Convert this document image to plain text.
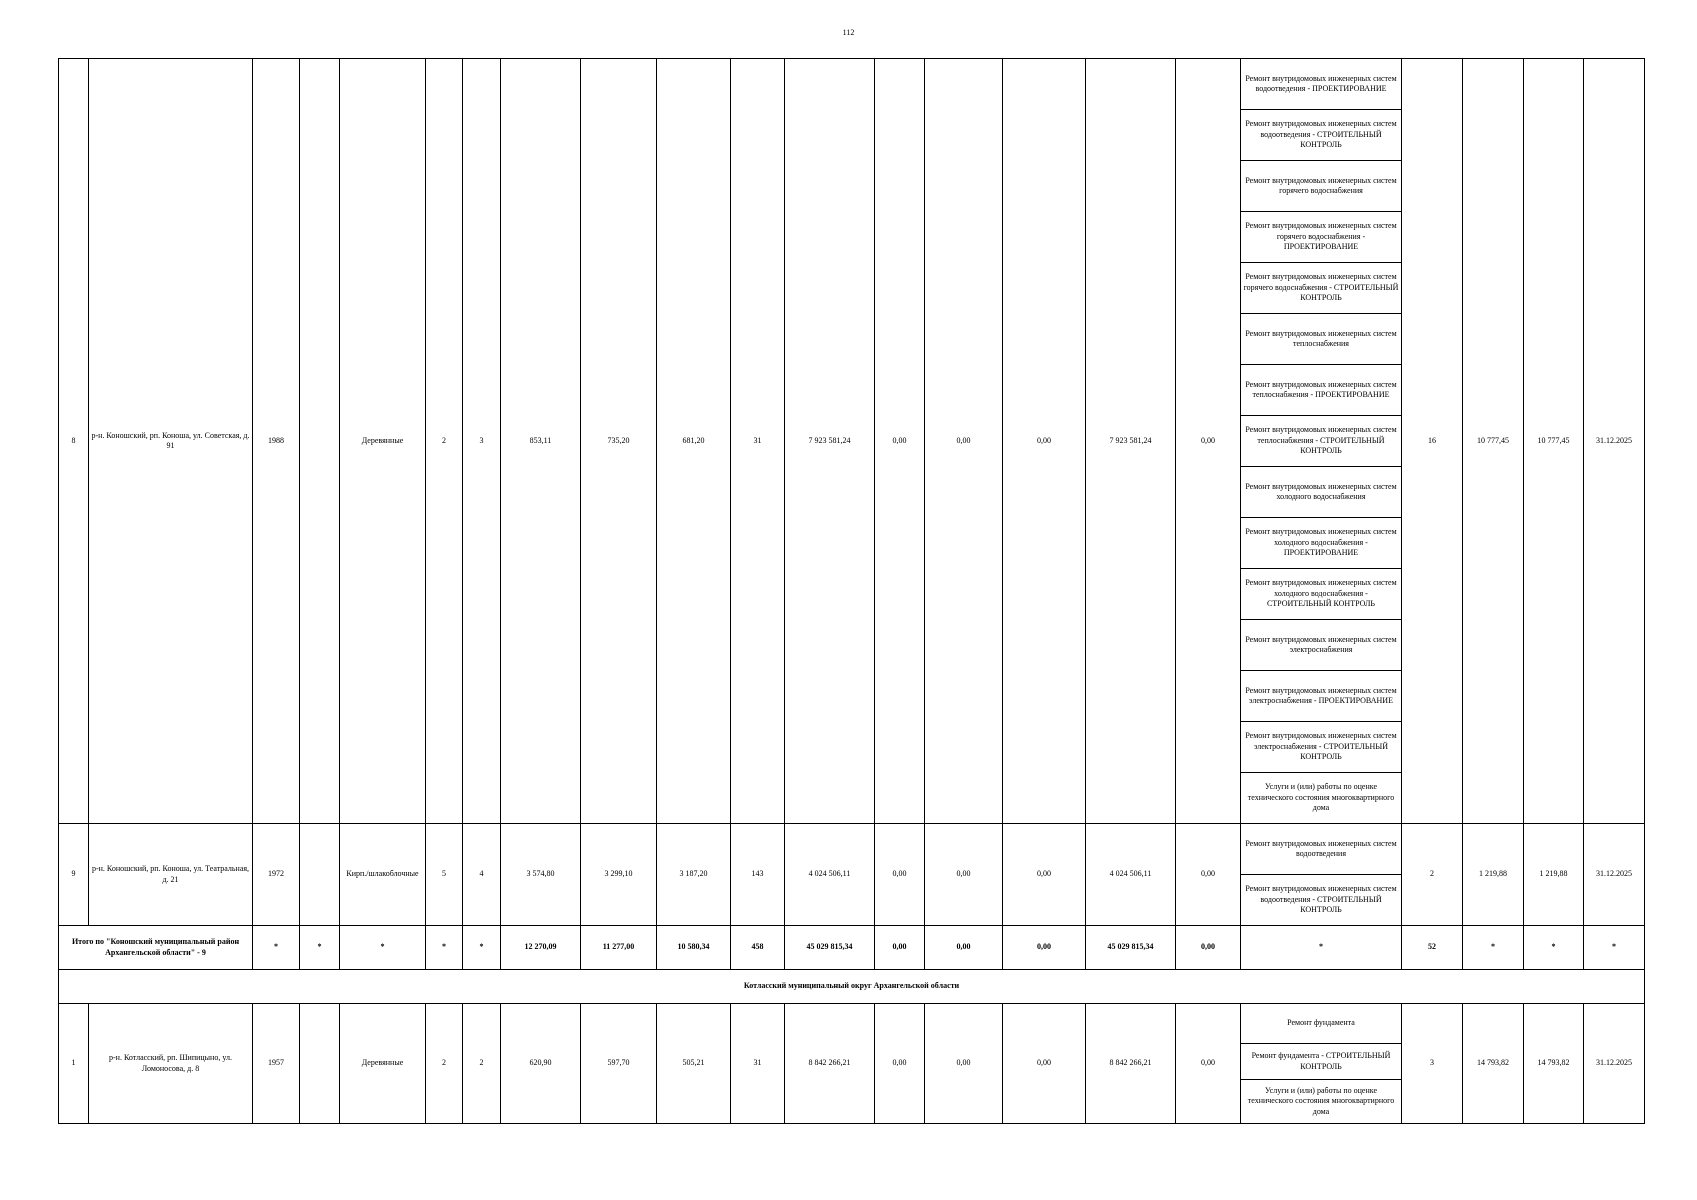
112
8	р-н. Коношский, рп. Коноша, ул. Советская, д. 91	1988		Деревянные	2	3	853,11	735,20	681,20	31	7 923 581,24	0,00	0,00	0,00	7 923 581,24	0,00	Ремонт внутридомовых инженерных систем водоотведения - ПРОЕКТИРОВАНИЕ	16	10 777,45	10 777,45	31.12.2025
																	Ремонт внутридомовых инженерных систем водоотведения - СТРОИТЕЛЬНЫЙ КОНТРОЛЬ				
																	Ремонт внутридомовых инженерных систем горячего водоснабжения				
																	Ремонт внутридомовых инженерных систем горячего водоснабжения - ПРОЕКТИРОВАНИЕ				
																	Ремонт внутридомовых инженерных систем горячего водоснабжения - СТРОИТЕЛЬНЫЙ КОНТРОЛЬ				
																	Ремонт внутридомовых инженерных систем теплоснабжения				
																	Ремонт внутридомовых инженерных систем теплоснабжения - ПРОЕКТИРОВАНИЕ				
																	Ремонт внутридомовых инженерных систем теплоснабжения - СТРОИТЕЛЬНЫЙ КОНТРОЛЬ				
																	Ремонт внутридомовых инженерных систем холодного водоснабжения				
																	Ремонт внутридомовых инженерных систем холодного водоснабжения - ПРОЕКТИРОВАНИЕ				
																	Ремонт внутридомовых инженерных систем холодного водоснабжения - СТРОИТЕЛЬНЫЙ КОНТРОЛЬ				
																	Ремонт внутридомовых инженерных систем электроснабжения				
																	Ремонт внутридомовых инженерных систем электроснабжения - ПРОЕКТИРОВАНИЕ				
																	Ремонт внутридомовых инженерных систем электроснабжения - СТРОИТЕЛЬНЫЙ КОНТРОЛЬ				
																	Услуги и (или) работы по оценке технического состояния многоквартирного дома				
9	р-н. Коношский, рп. Коноша, ул. Театральная, д. 21	1972		Кирп./шлакоблочные	5	4	3 574,80	3 299,10	3 187,20	143	4 024 506,11	0,00	0,00	0,00	4 024 506,11	0,00	Ремонт внутридомовых инженерных систем водоотведения	2	1 219,88	1 219,88	31.12.2025
																	Ремонт внутридомовых инженерных систем водоотведения - СТРОИТЕЛЬНЫЙ КОНТРОЛЬ				
Итого по "Коношский муниципальный район Архангельской области" - 9		*	*	*	*	*	12 270,09	11 277,00	10 580,34	458	45 029 815,34	0,00	0,00	0,00	45 029 815,34	0,00	*	52	*	*	*
Котласский муниципальный округ Архангельской области																					
1	р-н. Котласский, рп. Шипицыно, ул. Ломоносова, д. 8	1957		Деревянные	2	2	620,90	597,70	505,21	31	8 842 266,21	0,00	0,00	0,00	8 842 266,21	0,00	Ремонт фундамента	3	14 793,82	14 793,82	31.12.2025
																	Ремонт фундамента - СТРОИТЕЛЬНЫЙ КОНТРОЛЬ				
																	Услуги и (или) работы по оценке технического состояния многоквартирного дома				
